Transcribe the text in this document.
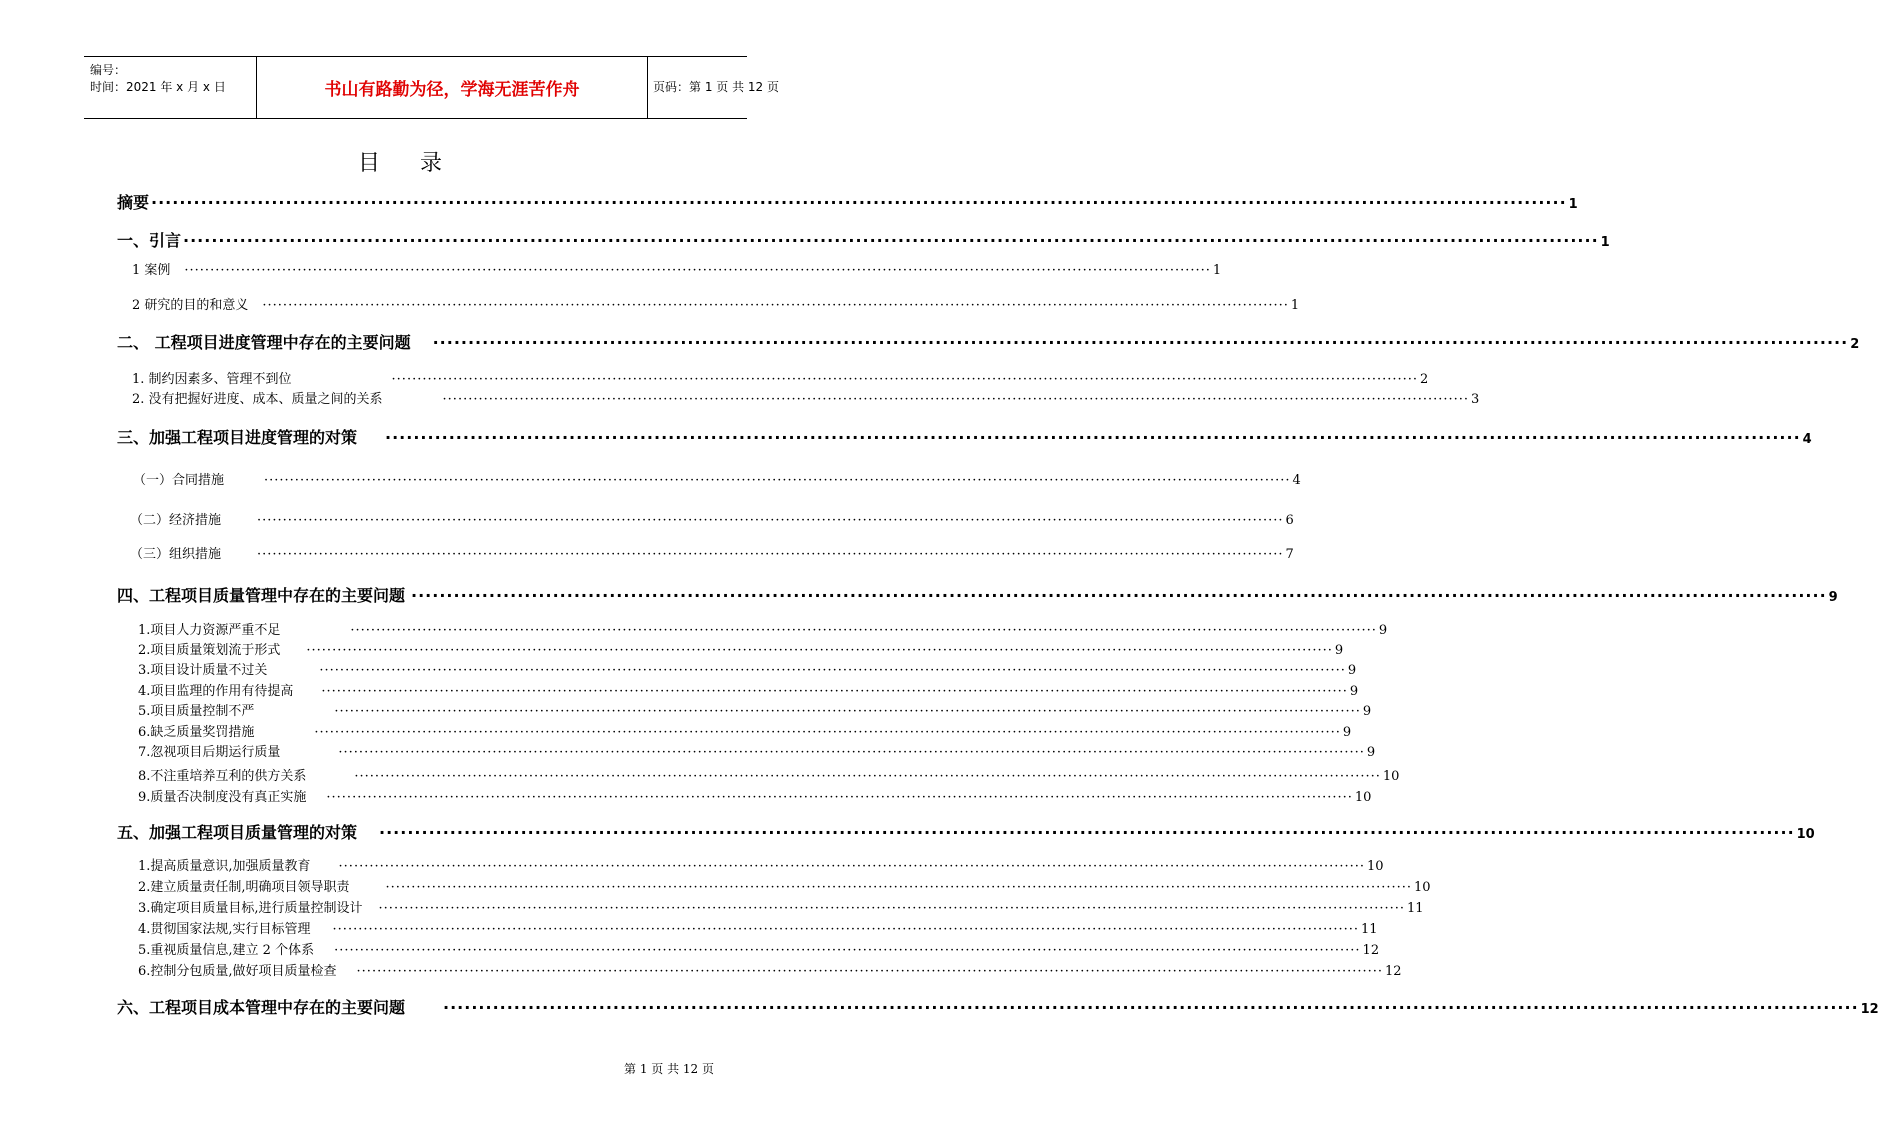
编号：
时间：2021 年 x 月 x 日	书山有路勤为径，学海无涯苦作舟	页码：第 1 页 共 12 页
目录
摘要 ········································································································································································································ 1
一、引言 ········································································································································································································ 1
1 案例 ········································································································································································································ 1
2 研究的目的和意义 ········································································································································································································ 1
二、 工程项目进度管理中存在的主要问题 ········································································································································································································ 2
1. 制约因素多、管理不到位	········································································································································································································ 2
2. 没有把握好进度、成本、质量之间的关系	········································································································································································································ 3
三、加强工程项目进度管理的对策 ········································································································································································································ 4
（一）合同措施	········································································································································································································ 4
（二）经济措施	········································································································································································································ 6
（三）组织措施	········································································································································································································ 7
四、工程项目质量管理中存在的主要问题 ········································································································································································································ 9
1.项目人力资源严重不足	········································································································································································································ 9
2.项目质量策划流于形式 ········································································································································································································ 9
3.项目设计质量不过关	········································································································································································································ 9
4.项目监理的作用有待提高 ········································································································································································································ 9
5.项目质量控制不严	········································································································································································································ 9
6.缺乏质量奖罚措施	········································································································································································································ 9
7.忽视项目后期运行质量	········································································································································································································ 9
8.不注重培养互利的供方关系	········································································································································································································ 10
9.质量否决制度没有真正实施 ········································································································································································································ 10
五、加强工程项目质量管理的对策 ········································································································································································································ 10
1.提高质量意识,加强质量教育 ········································································································································································································ 10
2.建立质量责任制,明确项目领导职责	········································································································································································································ 10
3.确定项目质量目标,进行质量控制设计 ········································································································································································································ 11
4.贯彻国家法规,实行目标管理 ········································································································································································································ 11
5.重视质量信息,建立 2 个体系 ········································································································································································································ 12
6.控制分包质量,做好项目质量检查 ········································································································································································································ 12
六、工程项目成本管理中存在的主要问题 ········································································································································································································ 12
第 1 页 共 12 页
